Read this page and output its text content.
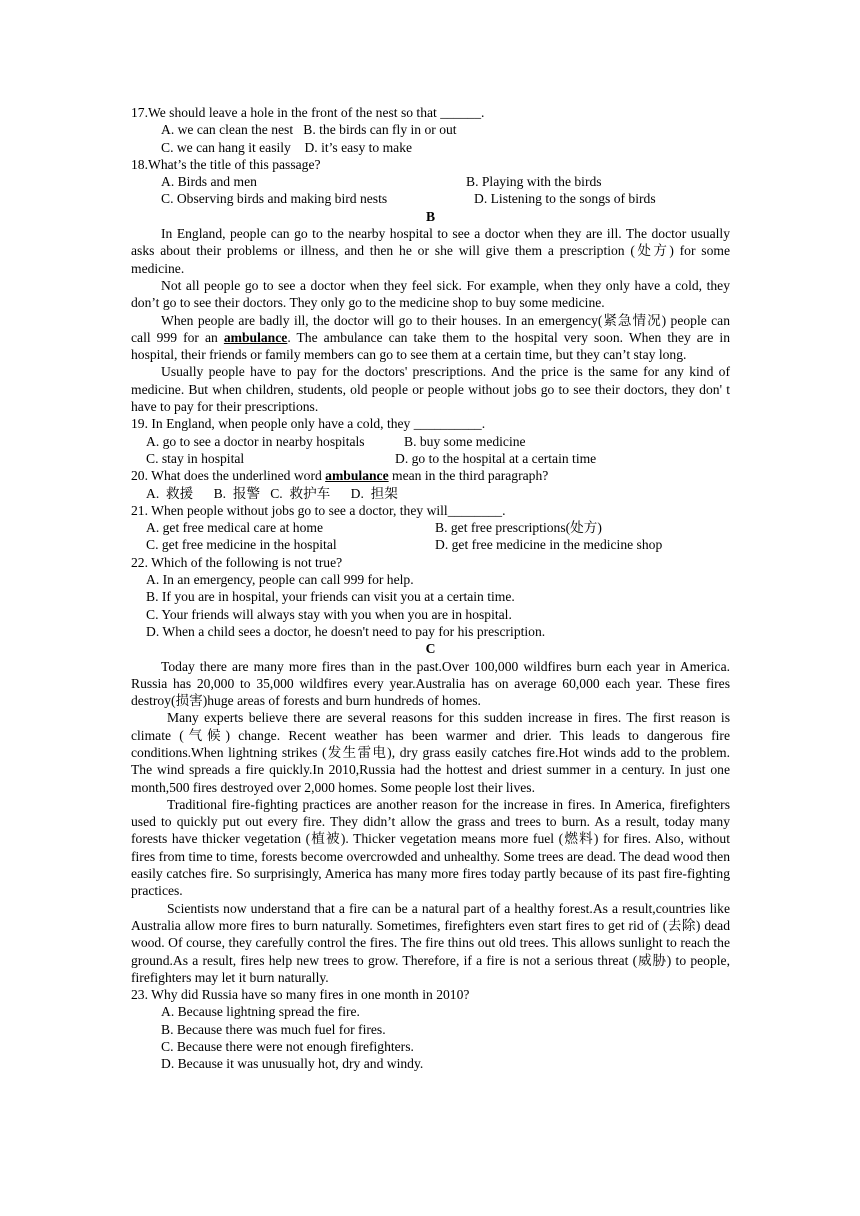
17.We should leave a hole in the front of the nest so that ______.
A. we can clean the nest   B. the birds can fly in or out
C. we can hang it easily    D. it’s easy to make
18.What’s the title of this passage?
A. Birds and men	B. Playing with the birds
C. Observing birds and making bird nests	D. Listening to the songs of birds
B

In England, people can go to the nearby hospital to see a doctor when they are ill. The doctor usually asks about their problems or illness, and then he or she will give them a prescription (处方) for some medicine.

Not all people go to see a doctor when they feel sick. For example, when they only have a cold, they don’t go to see their doctors. They only go to the medicine shop to buy some medicine.

When people are badly ill, the doctor will go to their houses. In an emergency(紧急情况) people can call 999 for an ambulance. The ambulance can take them to the hospital very soon. When they are in hospital, their friends or family members can go to see them at a certain time, but they can’t stay long.

Usually people have to pay for the doctors' prescriptions. And the price is the same for any kind of medicine. But when children, students, old people or people without jobs go to see their doctors, they don' t have to pay for their prescriptions.

19. In England, when people only have a cold, they __________.
A. go to see a doctor in nearby hospitals	B. buy some medicine
C. stay in hospital	D. go to the hospital at a certain time
20. What does the underlined word ambulance mean in the third paragraph?
A.  救援      B.  报警   C.  救护车      D.  担架
21. When people without jobs go to see a doctor, they will________.
A. get free medical care at home	B. get free prescriptions(处方)
C. get free medicine in the hospital	D. get free medicine in the medicine shop
22. Which of the following is not true?
A. In an emergency, people can call 999 for help.
B. If you are in hospital, your friends can visit you at a certain time.
C. Your friends will always stay with you when you are in hospital.
D. When a child sees a doctor, he doesn't need to pay for his prescription.
C

Today there are many more fires than in the past.Over 100,000 wildfires burn each year in America. Russia has 20,000 to 35,000 wildfires every year.Australia has on average 60,000 each year. These fires destroy(损害)huge areas of forests and burn hundreds of homes.

Many experts believe there are several reasons for this sudden increase in fires. The first reason is climate (气候) change. Recent weather has been warmer and drier. This leads to dangerous fire conditions.When lightning strikes (发生雷电), dry grass easily catches fire.Hot winds add to the problem. The wind spreads a fire quickly.In 2010,Russia had the hottest and driest summer in a century. In just one month,500 fires destroyed over 2,000 homes. Some people lost their lives.

Traditional fire-fighting practices are another reason for the increase in fires. In America, firefighters used to quickly put out every fire. They didn’t allow the grass and trees to burn. As a result, today many forests have thicker vegetation (植被). Thicker vegetation means more fuel (燃料) for fires. Also, without fires from time to time, forests become overcrowded and unhealthy. Some trees are dead. The dead wood then easily catches fire. So surprisingly, America has many more fires today partly because of its past fire-fighting practices.

Scientists now understand that a fire can be a natural part of a healthy forest.As a result,countries like Australia allow more fires to burn naturally. Sometimes, firefighters even start fires to get rid of (去除) dead wood. Of course, they carefully control the fires. The fire thins out old trees. This allows sunlight to reach the ground.As a result, fires help new trees to grow. Therefore, if a fire is not a serious threat (威胁) to people, firefighters may let it burn naturally.

23. Why did Russia have so many fires in one month in 2010?
A. Because lightning spread the fire.
B. Because there was much fuel for fires.
C. Because there were not enough firefighters.
D. Because it was unusually hot, dry and windy.
